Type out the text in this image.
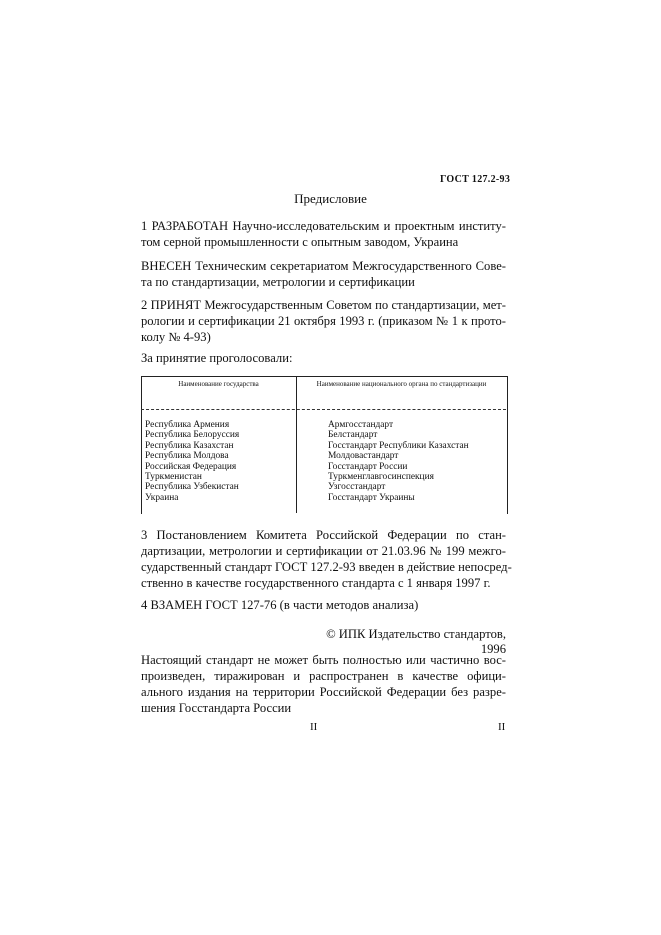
ГОСТ 127.2-93
Предисловие
1 РАЗРАБОТАН Научно-исследовательским и проектным институ-
том серной промышленности с опытным заводом, Украина
ВНЕСЕН Техническим секретариатом Межгосударственного Сове-
та по стандартизации, метрологии и сертификации
2 ПРИНЯТ Межгосударственным Советом по стандартизации, мет-
рологии и сертификации 21 октября 1993 г. (приказом № 1 к прото-
колу № 4-93)
За принятие проголосовали:
Наименование государства	Наименование национального органа по стандартизации
Республика Армения
Республика Белоруссия
Республика Казахстан
Республика Молдова
Российская Федерация
Туркменистан
Республика Узбекистан
Украина
Армгосстандарт
Белстандарт
Госстандарт Республики Казахстан
Молдовастандарт
Госстандарт России
Туркменглавгосинспекция
Узгосстандарт
Госстандарт Украины
3 Постановлением Комитета Российской Федерации по стан-
дартизации, метрологии и сертификации от 21.03.96 № 199 межго-
сударственный стандарт ГОСТ 127.2-93 введен в действие непосред-
ственно в качестве государственного стандарта с 1 января 1997 г.
4 ВЗАМЕН ГОСТ 127-76 (в части методов анализа)
© ИПК Издательство стандартов, 1996
Настоящий стандарт не может быть полностью или частично вос-
произведен, тиражирован и распространен в качестве офици-
ального издания на территории Российской Федерации без разре-
шения Госстандарта России
II	II
